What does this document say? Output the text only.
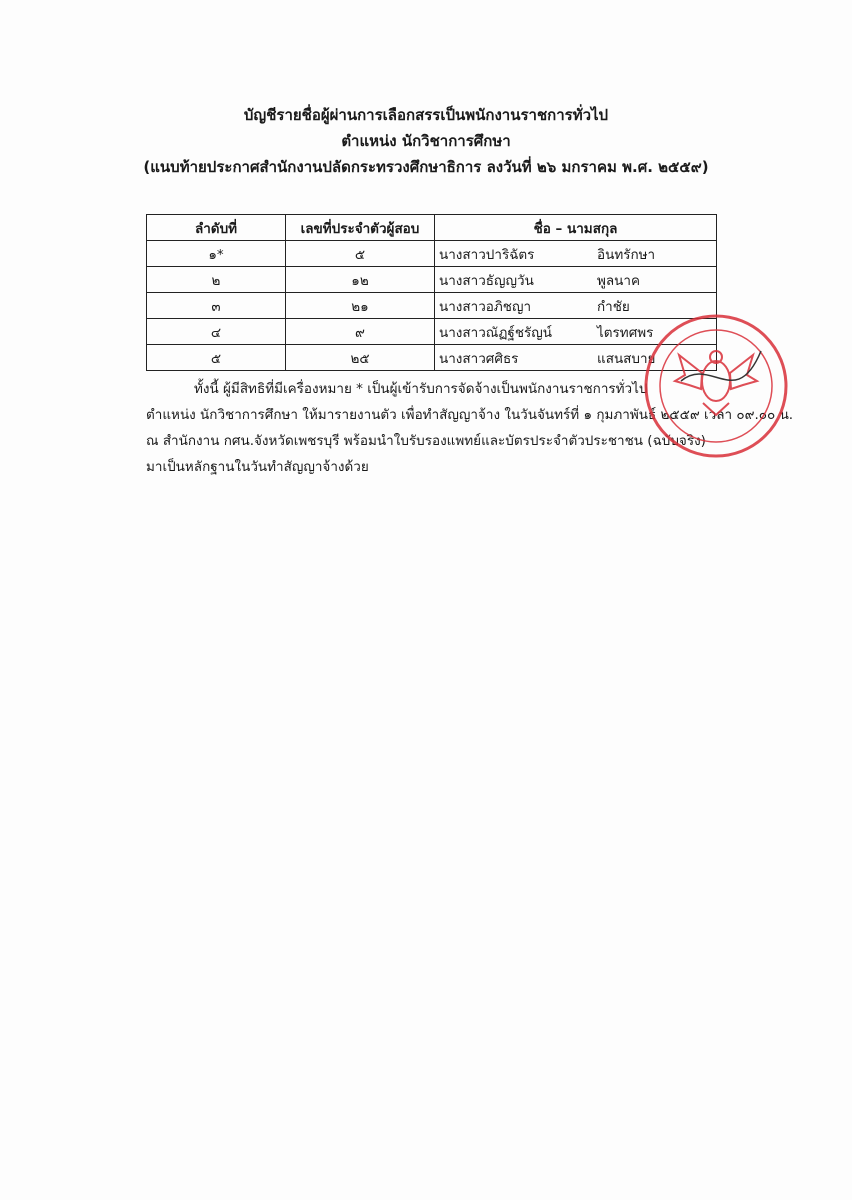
บัญชีรายชื่อผู้ผ่านการเลือกสรรเป็นพนักงานราชการทั่วไป
ตำแหน่ง นักวิชาการศึกษา
(แนบท้ายประกาศสำนักงานปลัดกระทรวงศึกษาธิการ ลงวันที่ ๒๖ มกราคม พ.ศ. ๒๕๕๙)
ลำดับที่	เลขที่ประจำตัวผู้สอบ	ชื่อ – นามสกุล	
๑*	๕	นางสาวปาริฉัตร	อินทรักษา
๒	๑๒	นางสาวธัญญวัน	พูลนาค
๓	๒๑	นางสาวอภิชญา	กำชัย
๔	๙	นางสาวณัฏฐ์ชรัญน์	ไตรทศพร
๕	๒๕	นางสาวศศิธร	แสนสบาย
ทั้งนี้ ผู้มีสิทธิที่มีเครื่องหมาย * เป็นผู้เข้ารับการจัดจ้างเป็นพนักงานราชการทั่วไป
ตำแหน่ง นักวิชาการศึกษา ให้มารายงานตัว เพื่อทำสัญญาจ้าง ในวันจันทร์ที่ ๑ กุมภาพันธ์ ๒๕๕๙ เวลา ๐๙.๐๐ น.
ณ สำนักงาน กศน.จังหวัดเพชรบุรี พร้อมนำใบรับรองแพทย์และบัตรประจำตัวประชาชน (ฉบับจริง)
มาเป็นหลักฐานในวันทำสัญญาจ้างด้วย
